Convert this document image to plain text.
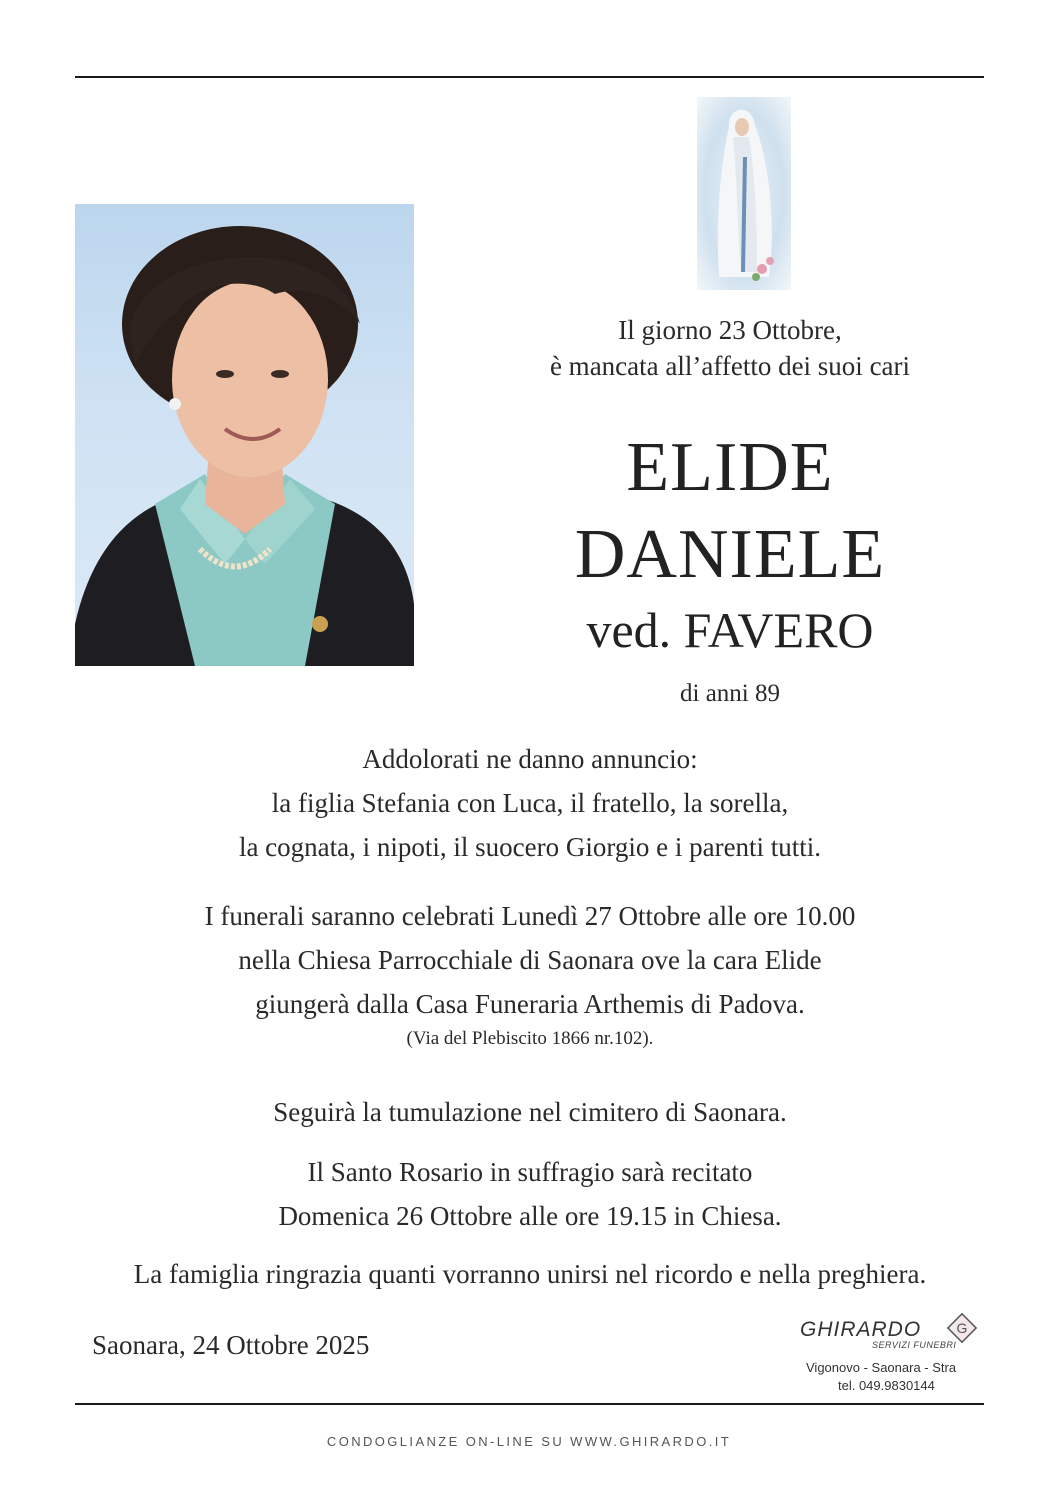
Il giorno 23 Ottobre,
è mancata all’affetto dei suoi cari
ELIDE
DANIELE
ved. FAVERO
di anni 89
Addolorati ne danno annuncio:
la figlia Stefania con Luca, il fratello, la sorella,
la cognata, i nipoti, il suocero Giorgio e i parenti tutti.
I funerali saranno celebrati Lunedì 27 Ottobre alle ore 10.00
nella Chiesa Parrocchiale di Saonara ove la cara Elide
giungerà dalla Casa Funeraria Arthemis di Padova.
(Via del Plebiscito 1866 nr.102).
Seguirà la tumulazione nel cimitero di Saonara.
Il Santo Rosario in suffragio sarà recitato
Domenica 26 Ottobre alle ore 19.15 in Chiesa.
La famiglia ringrazia quanti vorranno unirsi nel ricordo e nella preghiera.
Saonara, 24 Ottobre 2025
GHIRARDO
SERVIZI FUNEBRI
G
Vigonovo - Saonara - Stra
tel. 049.9830144
CONDOGLIANZE ON-LINE SU WWW.GHIRARDO.IT
